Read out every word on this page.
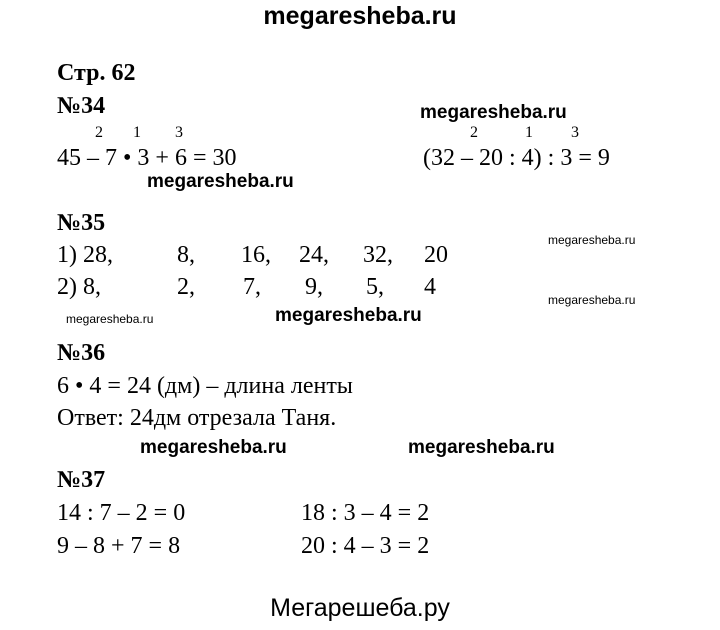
megaresheba.ru
Мегарешеба.ру
megaresheba.ru
megaresheba.ru
megaresheba.ru
megaresheba.ru
megaresheba.ru	megaresheba.ru
megaresheba.ru	megaresheba.ru
Стр. 62
№34
2 1 3
45 – 7 • 3 + 6 = 30
2	1 3
(32 – 20 : 4) : 3 = 9
№35
1) 28,	8, 16, 24, 32, 20
2) 8,	2, 7, 9, 5, 4
№36
6 • 4 = 24 (дм) – длина ленты
Ответ: 24дм отрезала Таня.
№37
14 : 7 – 2 = 0	18 : 3 – 4 = 2
9 – 8 + 7 = 8	20 : 4 – 3 = 2
